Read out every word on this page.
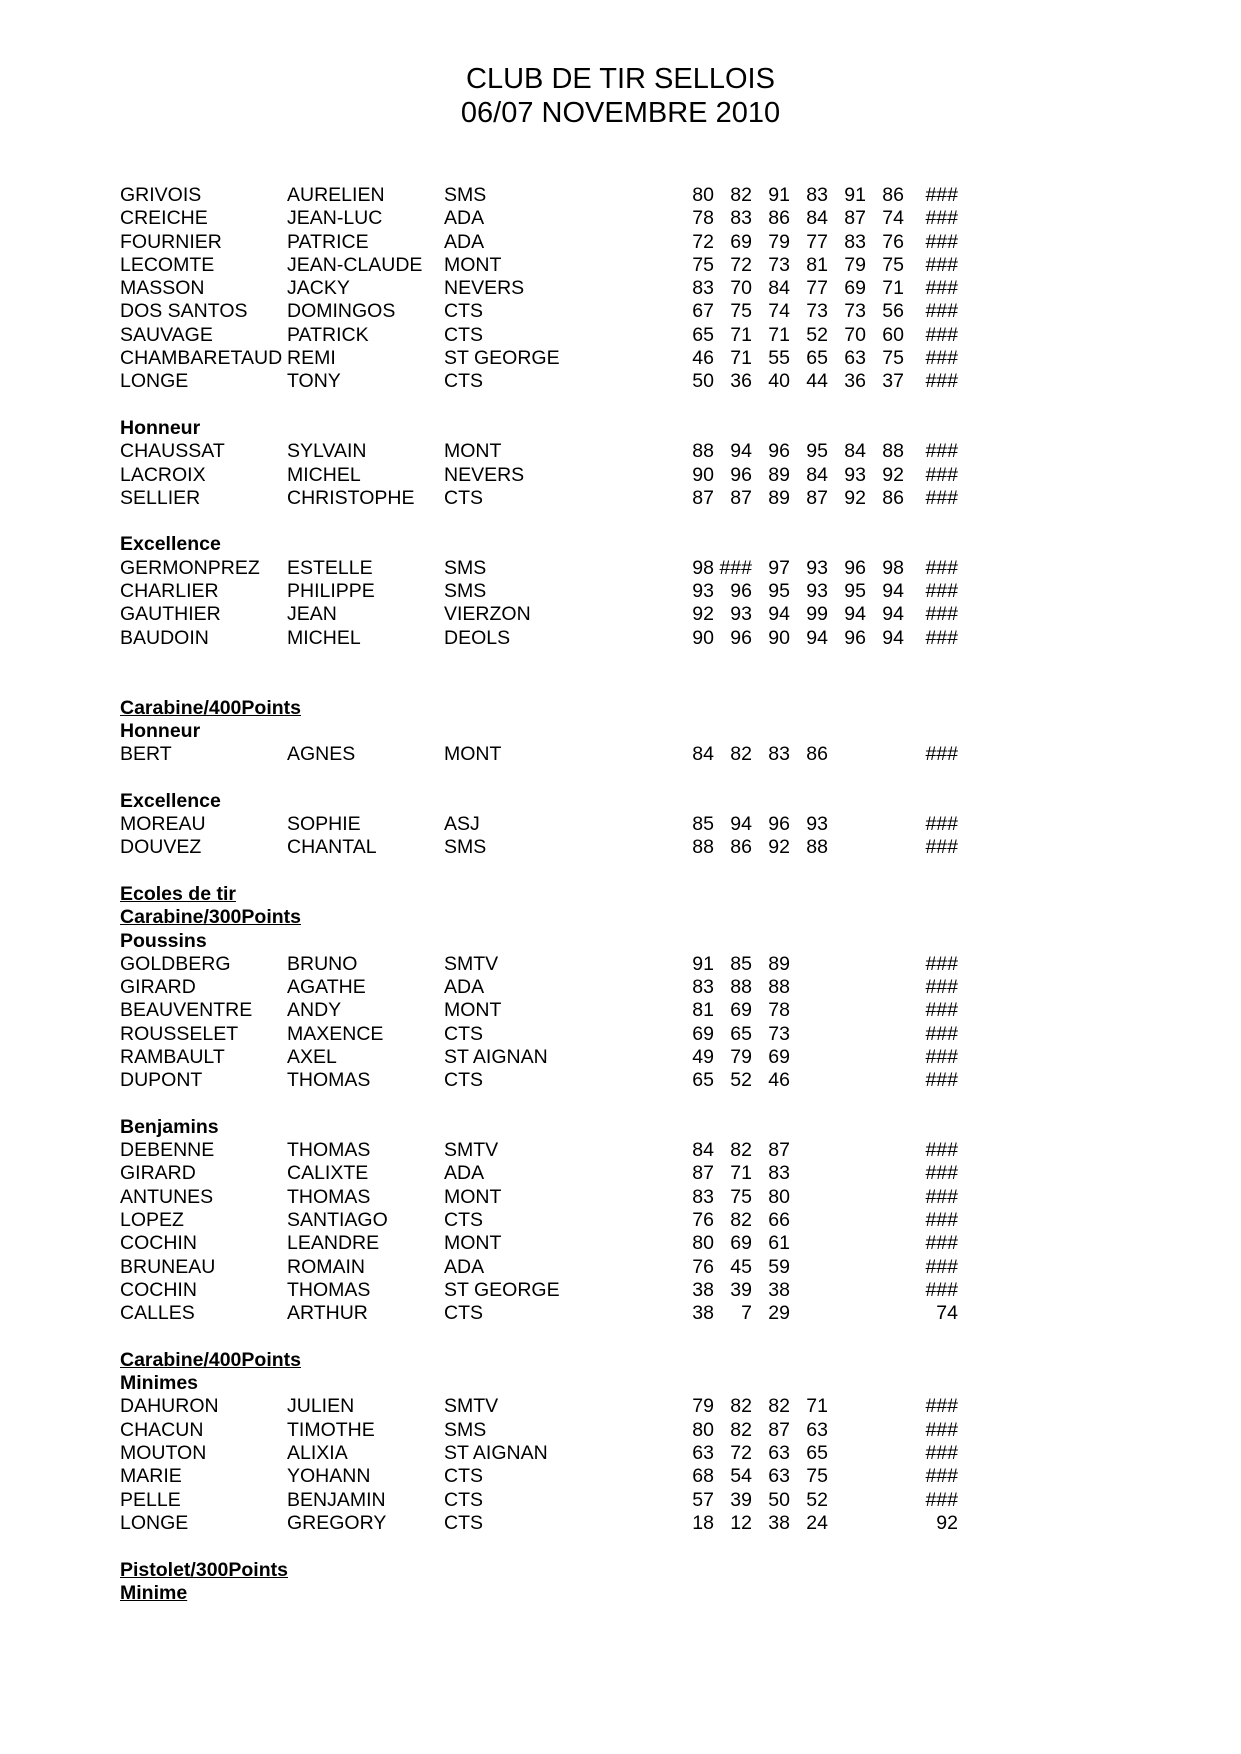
CLUB DE TIR SELLOIS
06/07 NOVEMBRE 2010
GRIVOIS	AURELIEN	SMS	80	82	91	83	91	86	###
CREICHE	JEAN-LUC	ADA	78	83	86	84	87	74	###
FOURNIER	PATRICE	ADA	72	69	79	77	83	76	###
LECOMTE	JEAN-CLAUDE	MONT	75	72	73	81	79	75	###
MASSON	JACKY	NEVERS	83	70	84	77	69	71	###
DOS SANTOS	DOMINGOS	CTS	67	75	74	73	73	56	###
SAUVAGE	PATRICK	CTS	65	71	71	52	70	60	###
CHAMBARETAUD	REMI	ST GEORGE	46	71	55	65	63	75	###
LONGE	TONY	CTS	50	36	40	44	36	37	###

Honneur									
CHAUSSAT	SYLVAIN	MONT	88	94	96	95	84	88	###
LACROIX	MICHEL	NEVERS	90	96	89	84	93	92	###
SELLIER	CHRISTOPHE	CTS	87	87	89	87	92	86	###

Excellence									
GERMONPREZ	ESTELLE	SMS	98	###	97	93	96	98	###
CHARLIER	PHILIPPE	SMS	93	96	95	93	95	94	###
GAUTHIER	JEAN	VIERZON	92	93	94	99	94	94	###
BAUDOIN	MICHEL	DEOLS	90	96	90	94	96	94	###

Carabine/400Points									
Honneur									
BERT	AGNES	MONT	84	82	83	86			###

Excellence									
MOREAU	SOPHIE	ASJ	85	94	96	93			###
DOUVEZ	CHANTAL	SMS	88	86	92	88			###

Ecoles de tir									
Carabine/300Points									
Poussins									
GOLDBERG	BRUNO	SMTV	91	85	89				###
GIRARD	AGATHE	ADA	83	88	88				###
BEAUVENTRE	ANDY	MONT	81	69	78				###
ROUSSELET	MAXENCE	CTS	69	65	73				###
RAMBAULT	AXEL	ST AIGNAN	49	79	69				###
DUPONT	THOMAS	CTS	65	52	46				###

Benjamins									
DEBENNE	THOMAS	SMTV	84	82	87				###
GIRARD	CALIXTE	ADA	87	71	83				###
ANTUNES	THOMAS	MONT	83	75	80				###
LOPEZ	SANTIAGO	CTS	76	82	66				###
COCHIN	LEANDRE	MONT	80	69	61				###
BRUNEAU	ROMAIN	ADA	76	45	59				###
COCHIN	THOMAS	ST GEORGE	38	39	38				###
CALLES	ARTHUR	CTS	38	7	29				74

Carabine/400Points									
Minimes									
DAHURON	JULIEN	SMTV	79	82	82	71			###
CHACUN	TIMOTHE	SMS	80	82	87	63			###
MOUTON	ALIXIA	ST AIGNAN	63	72	63	65			###
MARIE	YOHANN	CTS	68	54	63	75			###
PELLE	BENJAMIN	CTS	57	39	50	52			###
LONGE	GREGORY	CTS	18	12	38	24			92

Pistolet/300Points									
Minime									
